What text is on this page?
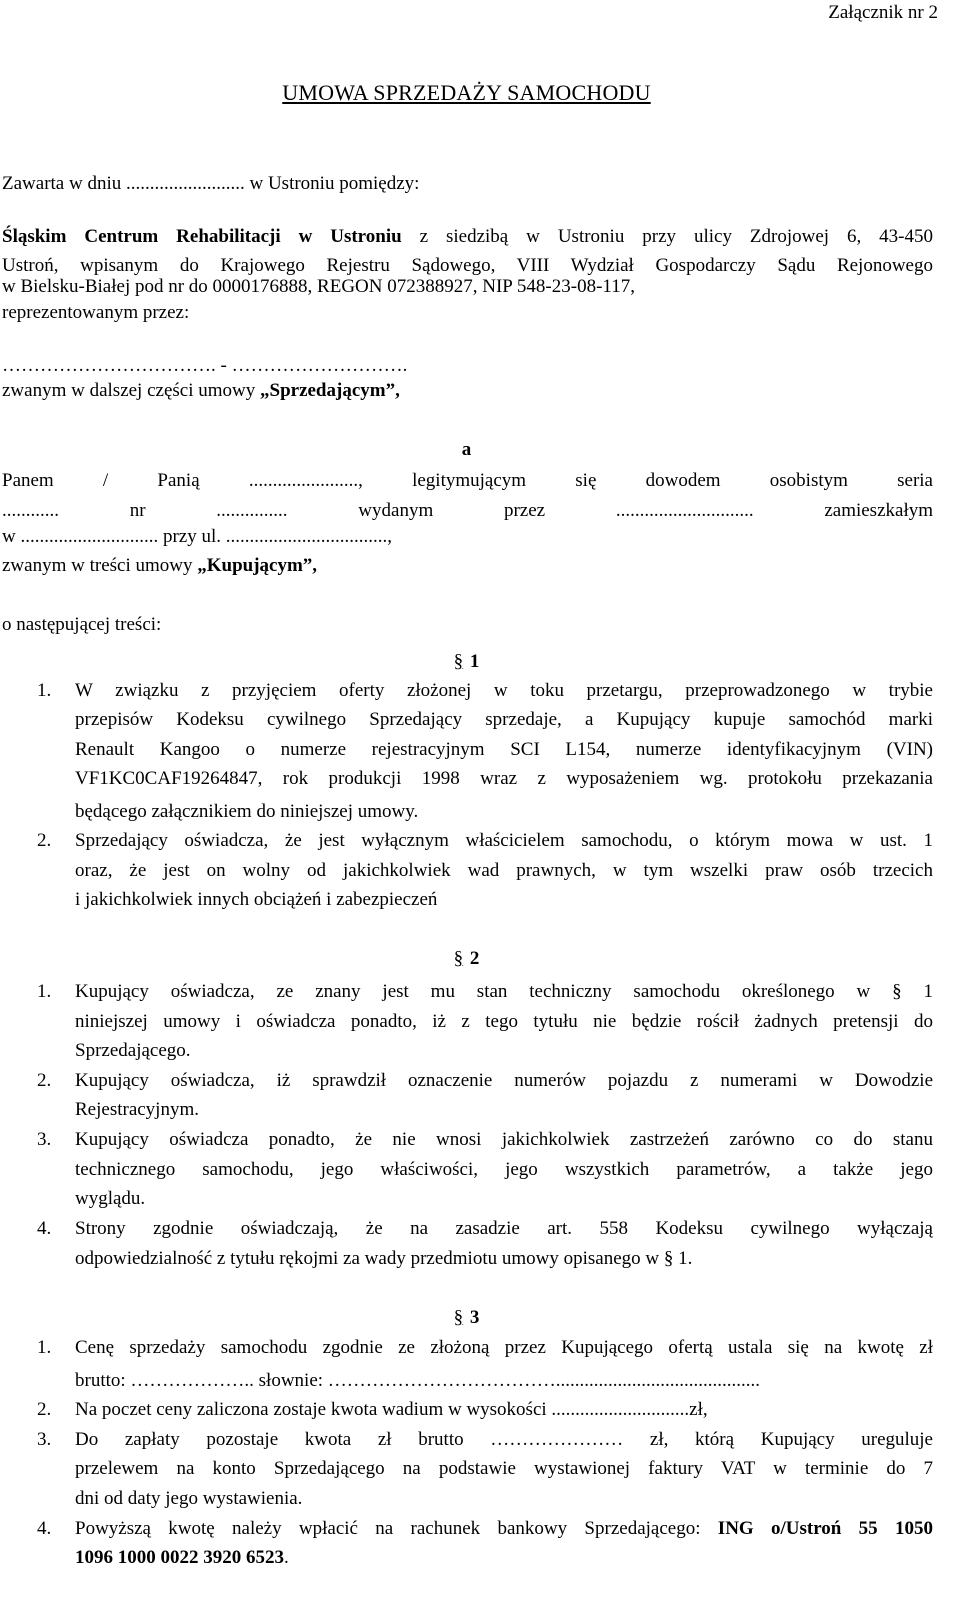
Załącznik nr 2
UMOWA SPRZEDAŻY SAMOCHODU
Zawarta w dniu ......................... w Ustroniu pomiędzy:
Śląskim Centrum Rehabilitacji w Ustroniu z siedzibą w Ustroniu przy ulicy Zdrojowej 6, 43-450
Ustroń, wpisanym do Krajowego Rejestru Sądowego, VIII Wydział Gospodarczy Sądu Rejonowego
w Bielsku-Białej pod nr do 0000176888, REGON 072388927, NIP 548-23-08-117,
reprezentowanym przez:
……………………………. - ……………………….
zwanym w dalszej części umowy „Sprzedającym”,
a
Panem / Panią ......................., legitymującym się dowodem osobistym seria
............ nr ............... wydanym przez ............................. zamieszkałym
w ............................. przy ul. ..................................,
zwanym w treści umowy „Kupującym”,
o następującej treści:
§ 1
1. W związku z przyjęciem oferty złożonej w toku przetargu, przeprowadzonego w trybie
przepisów Kodeksu cywilnego Sprzedający sprzedaje, a Kupujący kupuje samochód marki
Renault Kangoo o numerze rejestracyjnym SCI L154, numerze identyfikacyjnym (VIN)
VF1KC0CAF19264847, rok produkcji 1998 wraz z wyposażeniem wg. protokołu przekazania
będącego załącznikiem do niniejszej umowy.
2. Sprzedający oświadcza, że jest wyłącznym właścicielem samochodu, o którym mowa w ust. 1
oraz, że jest on wolny od jakichkolwiek wad prawnych, w tym wszelki praw osób trzecich
i jakichkolwiek innych obciążeń i zabezpieczeń
§ 2
1. Kupujący oświadcza, ze znany jest mu stan techniczny samochodu określonego w § 1
niniejszej umowy i oświadcza ponadto, iż z tego tytułu nie będzie rościł żadnych pretensji do
Sprzedającego.
2. Kupujący oświadcza, iż sprawdził oznaczenie numerów pojazdu z numerami w Dowodzie
Rejestracyjnym.
3. Kupujący oświadcza ponadto, że nie wnosi jakichkolwiek zastrzeżeń zarówno co do stanu
technicznego samochodu, jego właściwości, jego wszystkich parametrów, a także jego
wyglądu.
4. Strony zgodnie oświadczają, że na zasadzie art. 558 Kodeksu cywilnego wyłączają
odpowiedzialność z tytułu rękojmi za wady przedmiotu umowy opisanego w § 1.
§ 3
1. Cenę sprzedaży samochodu zgodnie ze złożoną przez Kupującego ofertą ustala się na kwotę zł
brutto: ……………….. słownie: ………………………………...........................................
2. Na poczet ceny zaliczona zostaje kwota wadium w wysokości .............................zł,
3. Do zapłaty pozostaje kwota zł brutto ………………… zł, którą Kupujący ureguluje
przelewem na konto Sprzedającego na podstawie wystawionej faktury VAT w terminie do 7
dni od daty jego wystawienia.
4. Powyższą kwotę należy wpłacić na rachunek bankowy Sprzedającego: ING o/Ustroń 55 1050
1096 1000 0022 3920 6523.
